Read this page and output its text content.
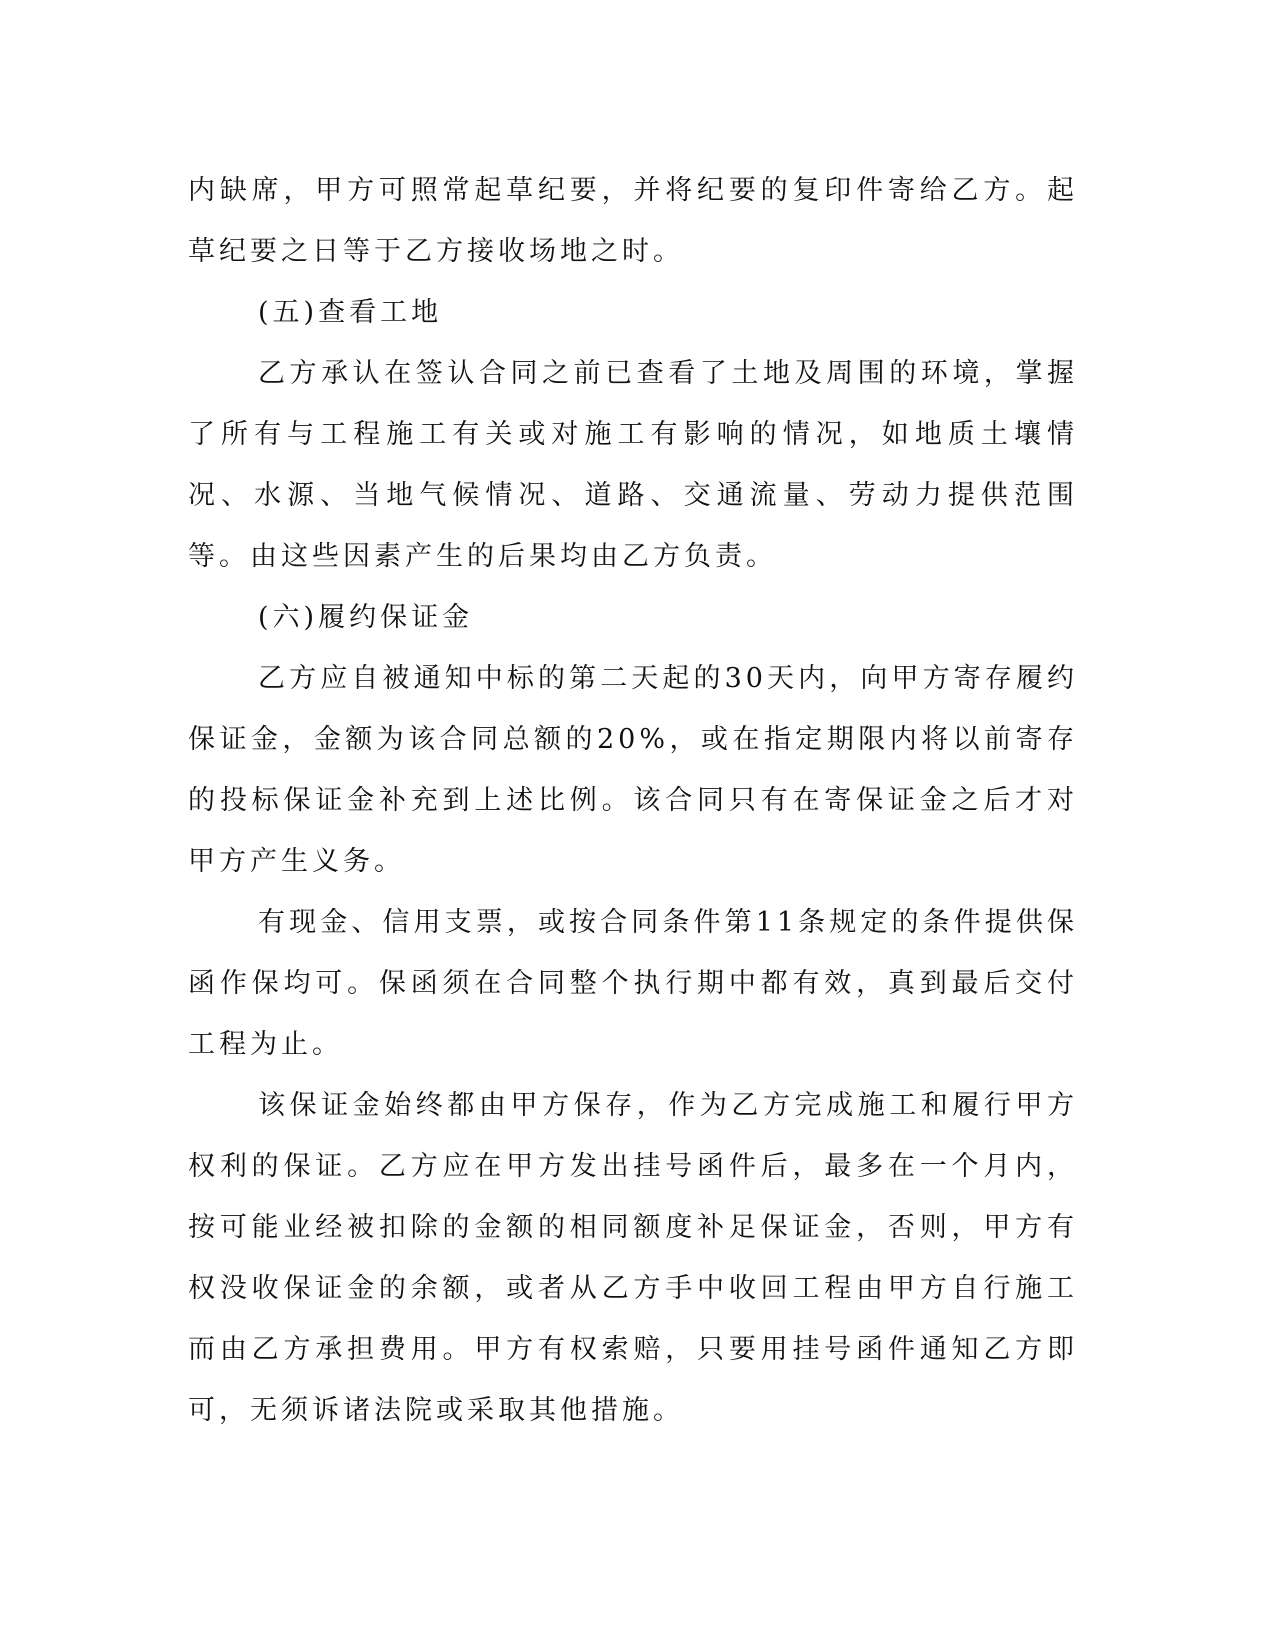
内缺席，甲方可照常起草纪要，并将纪要的复印件寄给乙方。起草纪要之日等于乙方接收场地之时。

(五)查看工地

乙方承认在签认合同之前已查看了土地及周围的环境，掌握了所有与工程施工有关或对施工有影响的情况，如地质土壤情况、水源、当地气候情况、道路、交通流量、劳动力提供范围等。由这些因素产生的后果均由乙方负责。

(六)履约保证金

乙方应自被通知中标的第二天起的30天内，向甲方寄存履约保证金，金额为该合同总额的20%，或在指定期限内将以前寄存的投标保证金补充到上述比例。该合同只有在寄保证金之后才对甲方产生义务。

有现金、信用支票，或按合同条件第11条规定的条件提供保函作保均可。保函须在合同整个执行期中都有效，真到最后交付工程为止。

该保证金始终都由甲方保存，作为乙方完成施工和履行甲方权利的保证。乙方应在甲方发出挂号函件后，最多在一个月内，按可能业经被扣除的金额的相同额度补足保证金，否则，甲方有权没收保证金的余额，或者从乙方手中收回工程由甲方自行施工而由乙方承担费用。甲方有权索赔，只要用挂号函件通知乙方即可，无须诉诸法院或采取其他措施。
